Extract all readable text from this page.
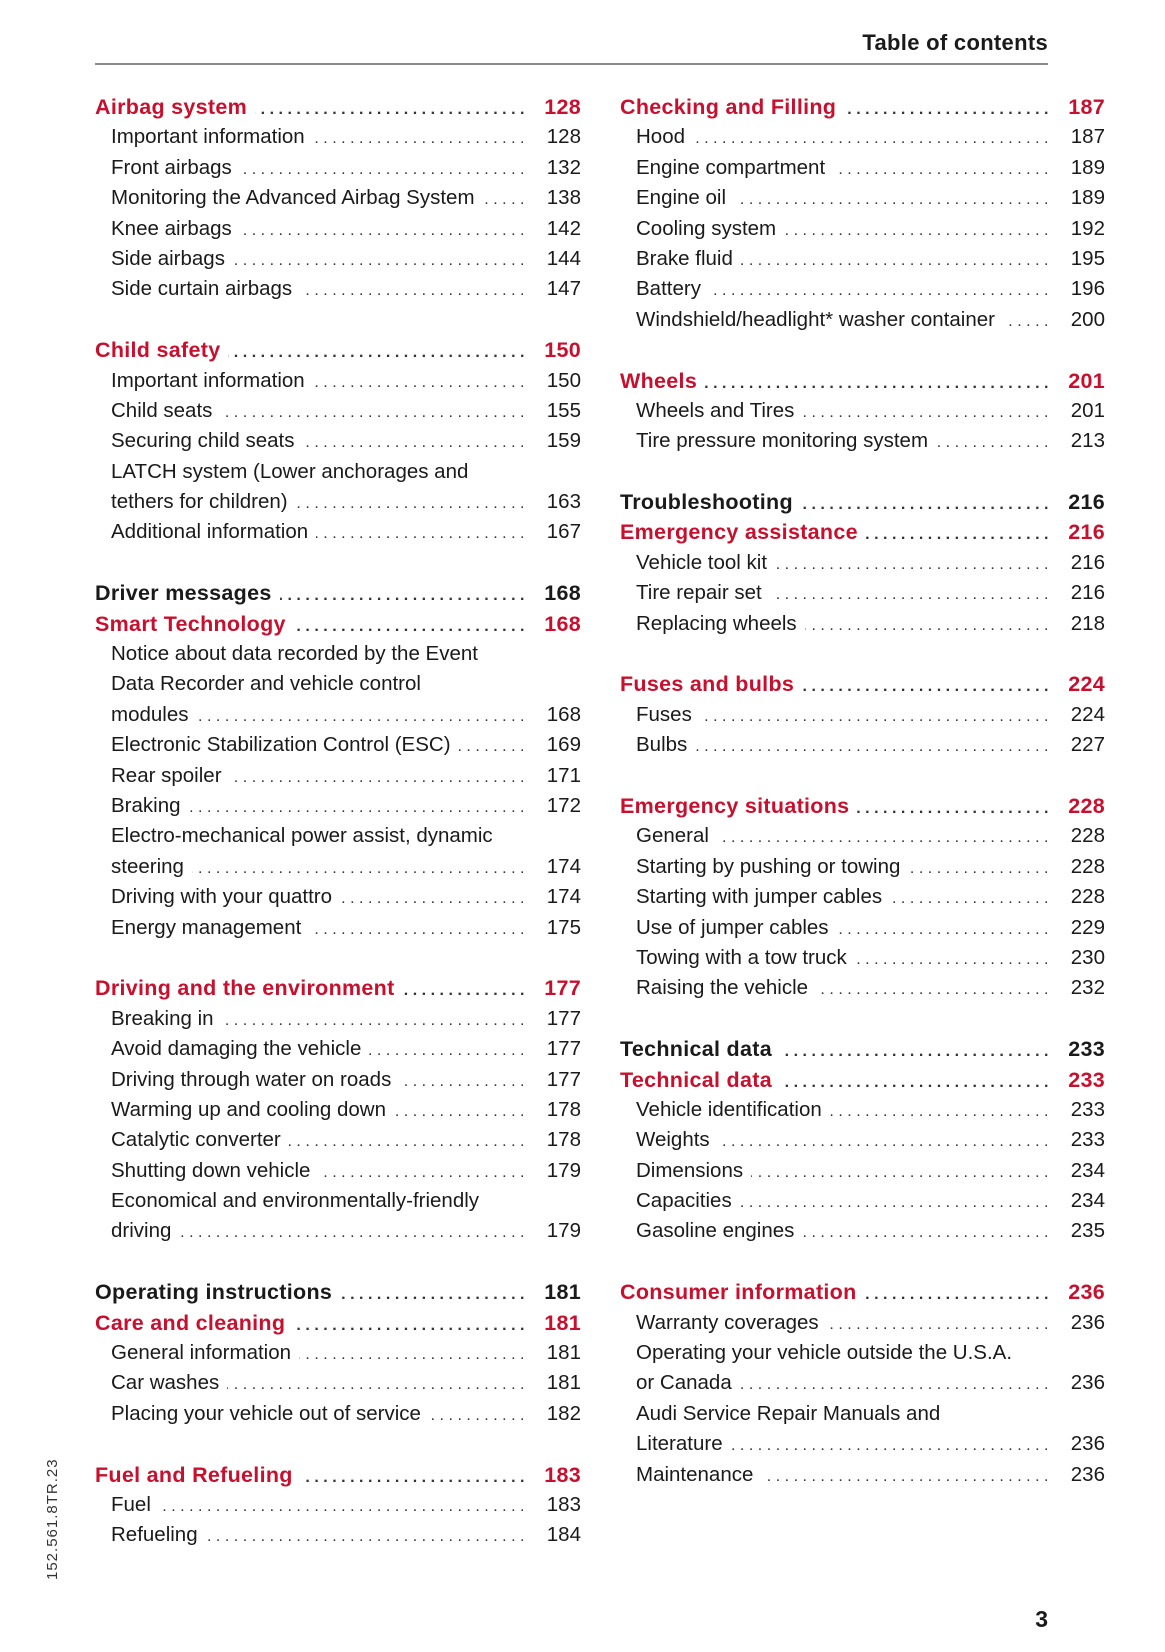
Table of contents
Airbag system .....	128
Important information .....	128
Front airbags .....	132
Monitoring the Advanced Airbag System .....	138
Knee airbags .....	142
Side airbags .....	144
Side curtain airbags .....	147
Child safety .....	150
Important information .....	150
Child seats .....	155
Securing child seats .....	159
LATCH system (Lower anchorages and
tethers for children) .....	163
Additional information .....	167
Driver messages .....	168
Smart Technology .....	168
Notice about data recorded by the Event
Data Recorder and vehicle control
modules .....	168
Electronic Stabilization Control (ESC) .....	169
Rear spoiler .....	171
Braking .....	172
Electro-mechanical power assist, dynamic
steering .....	174
Driving with your quattro .....	174
Energy management .....	175
Driving and the environment .....	177
Breaking in .....	177
Avoid damaging the vehicle .....	177
Driving through water on roads .....	177
Warming up and cooling down .....	178
Catalytic converter .....	178
Shutting down vehicle .....	179
Economical and environmentally-friendly
driving .....	179
Operating instructions .....	181
Care and cleaning .....	181
General information .....	181
Car washes .....	181
Placing your vehicle out of service .....	182
Fuel and Refueling .....	183
Fuel .....	183
Refueling .....	184
Checking and Filling .....	187
Hood .....	187
Engine compartment .....	189
Engine oil .....	189
Cooling system .....	192
Brake fluid .....	195
Battery .....	196
Windshield/headlight* washer container .....	200
Wheels .....	201
Wheels and Tires .....	201
Tire pressure monitoring system .....	213
Troubleshooting .....	216
Emergency assistance .....	216
Vehicle tool kit .....	216
Tire repair set .....	216
Replacing wheels .....	218
Fuses and bulbs .....	224
Fuses .....	224
Bulbs .....	227
Emergency situations .....	228
General .....	228
Starting by pushing or towing .....	228
Starting with jumper cables .....	228
Use of jumper cables .....	229
Towing with a tow truck .....	230
Raising the vehicle .....	232
Technical data .....	233
Technical data .....	233
Vehicle identification .....	233
Weights .....	233
Dimensions .....	234
Capacities .....	234
Gasoline engines .....	235
Consumer information .....	236
Warranty coverages .....	236
Operating your vehicle outside the U.S.A.
or Canada .....	236
Audi Service Repair Manuals and
Literature .....	236
Maintenance .....	236
152.561.8TR.23
3
